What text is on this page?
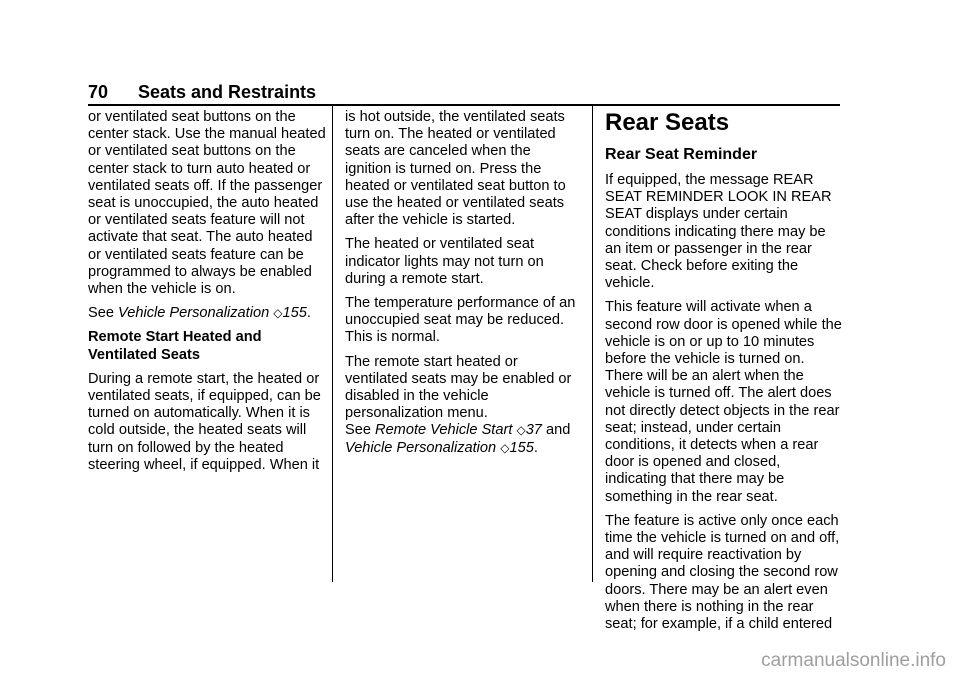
70 Seats and Restraints

or ventilated seat buttons on the center stack. Use the manual heated or ventilated seat buttons on the center stack to turn auto heated or ventilated seats off. If the passenger seat is unoccupied, the auto heated or ventilated seats feature will not activate that seat. The auto heated or ventilated seats feature can be programmed to always be enabled when the vehicle is on.

See Vehicle Personalization ◇155.

Remote Start Heated and Ventilated Seats

During a remote start, the heated or ventilated seats, if equipped, can be turned on automatically. When it is cold outside, the heated seats will turn on followed by the heated steering wheel, if equipped. When it

is hot outside, the ventilated seats turn on. The heated or ventilated seats are canceled when the ignition is turned on. Press the heated or ventilated seat button to use the heated or ventilated seats after the vehicle is started.

The heated or ventilated seat indicator lights may not turn on during a remote start.

The temperature performance of an unoccupied seat may be reduced. This is normal.

The remote start heated or ventilated seats may be enabled or disabled in the vehicle personalization menu.
See Remote Vehicle Start ◇37 and
Vehicle Personalization ◇155.

Rear Seats
Rear Seat Reminder

If equipped, the message REAR SEAT REMINDER LOOK IN REAR SEAT displays under certain conditions indicating there may be an item or passenger in the rear seat. Check before exiting the vehicle.

This feature will activate when a second row door is opened while the vehicle is on or up to 10 minutes before the vehicle is turned on. There will be an alert when the vehicle is turned off. The alert does not directly detect objects in the rear seat; instead, under certain conditions, it detects when a rear door is opened and closed, indicating that there may be something in the rear seat.

The feature is active only once each time the vehicle is turned on and off, and will require reactivation by opening and closing the second row doors. There may be an alert even when there is nothing in the rear seat; for example, if a child entered

carmanualsonline.info
